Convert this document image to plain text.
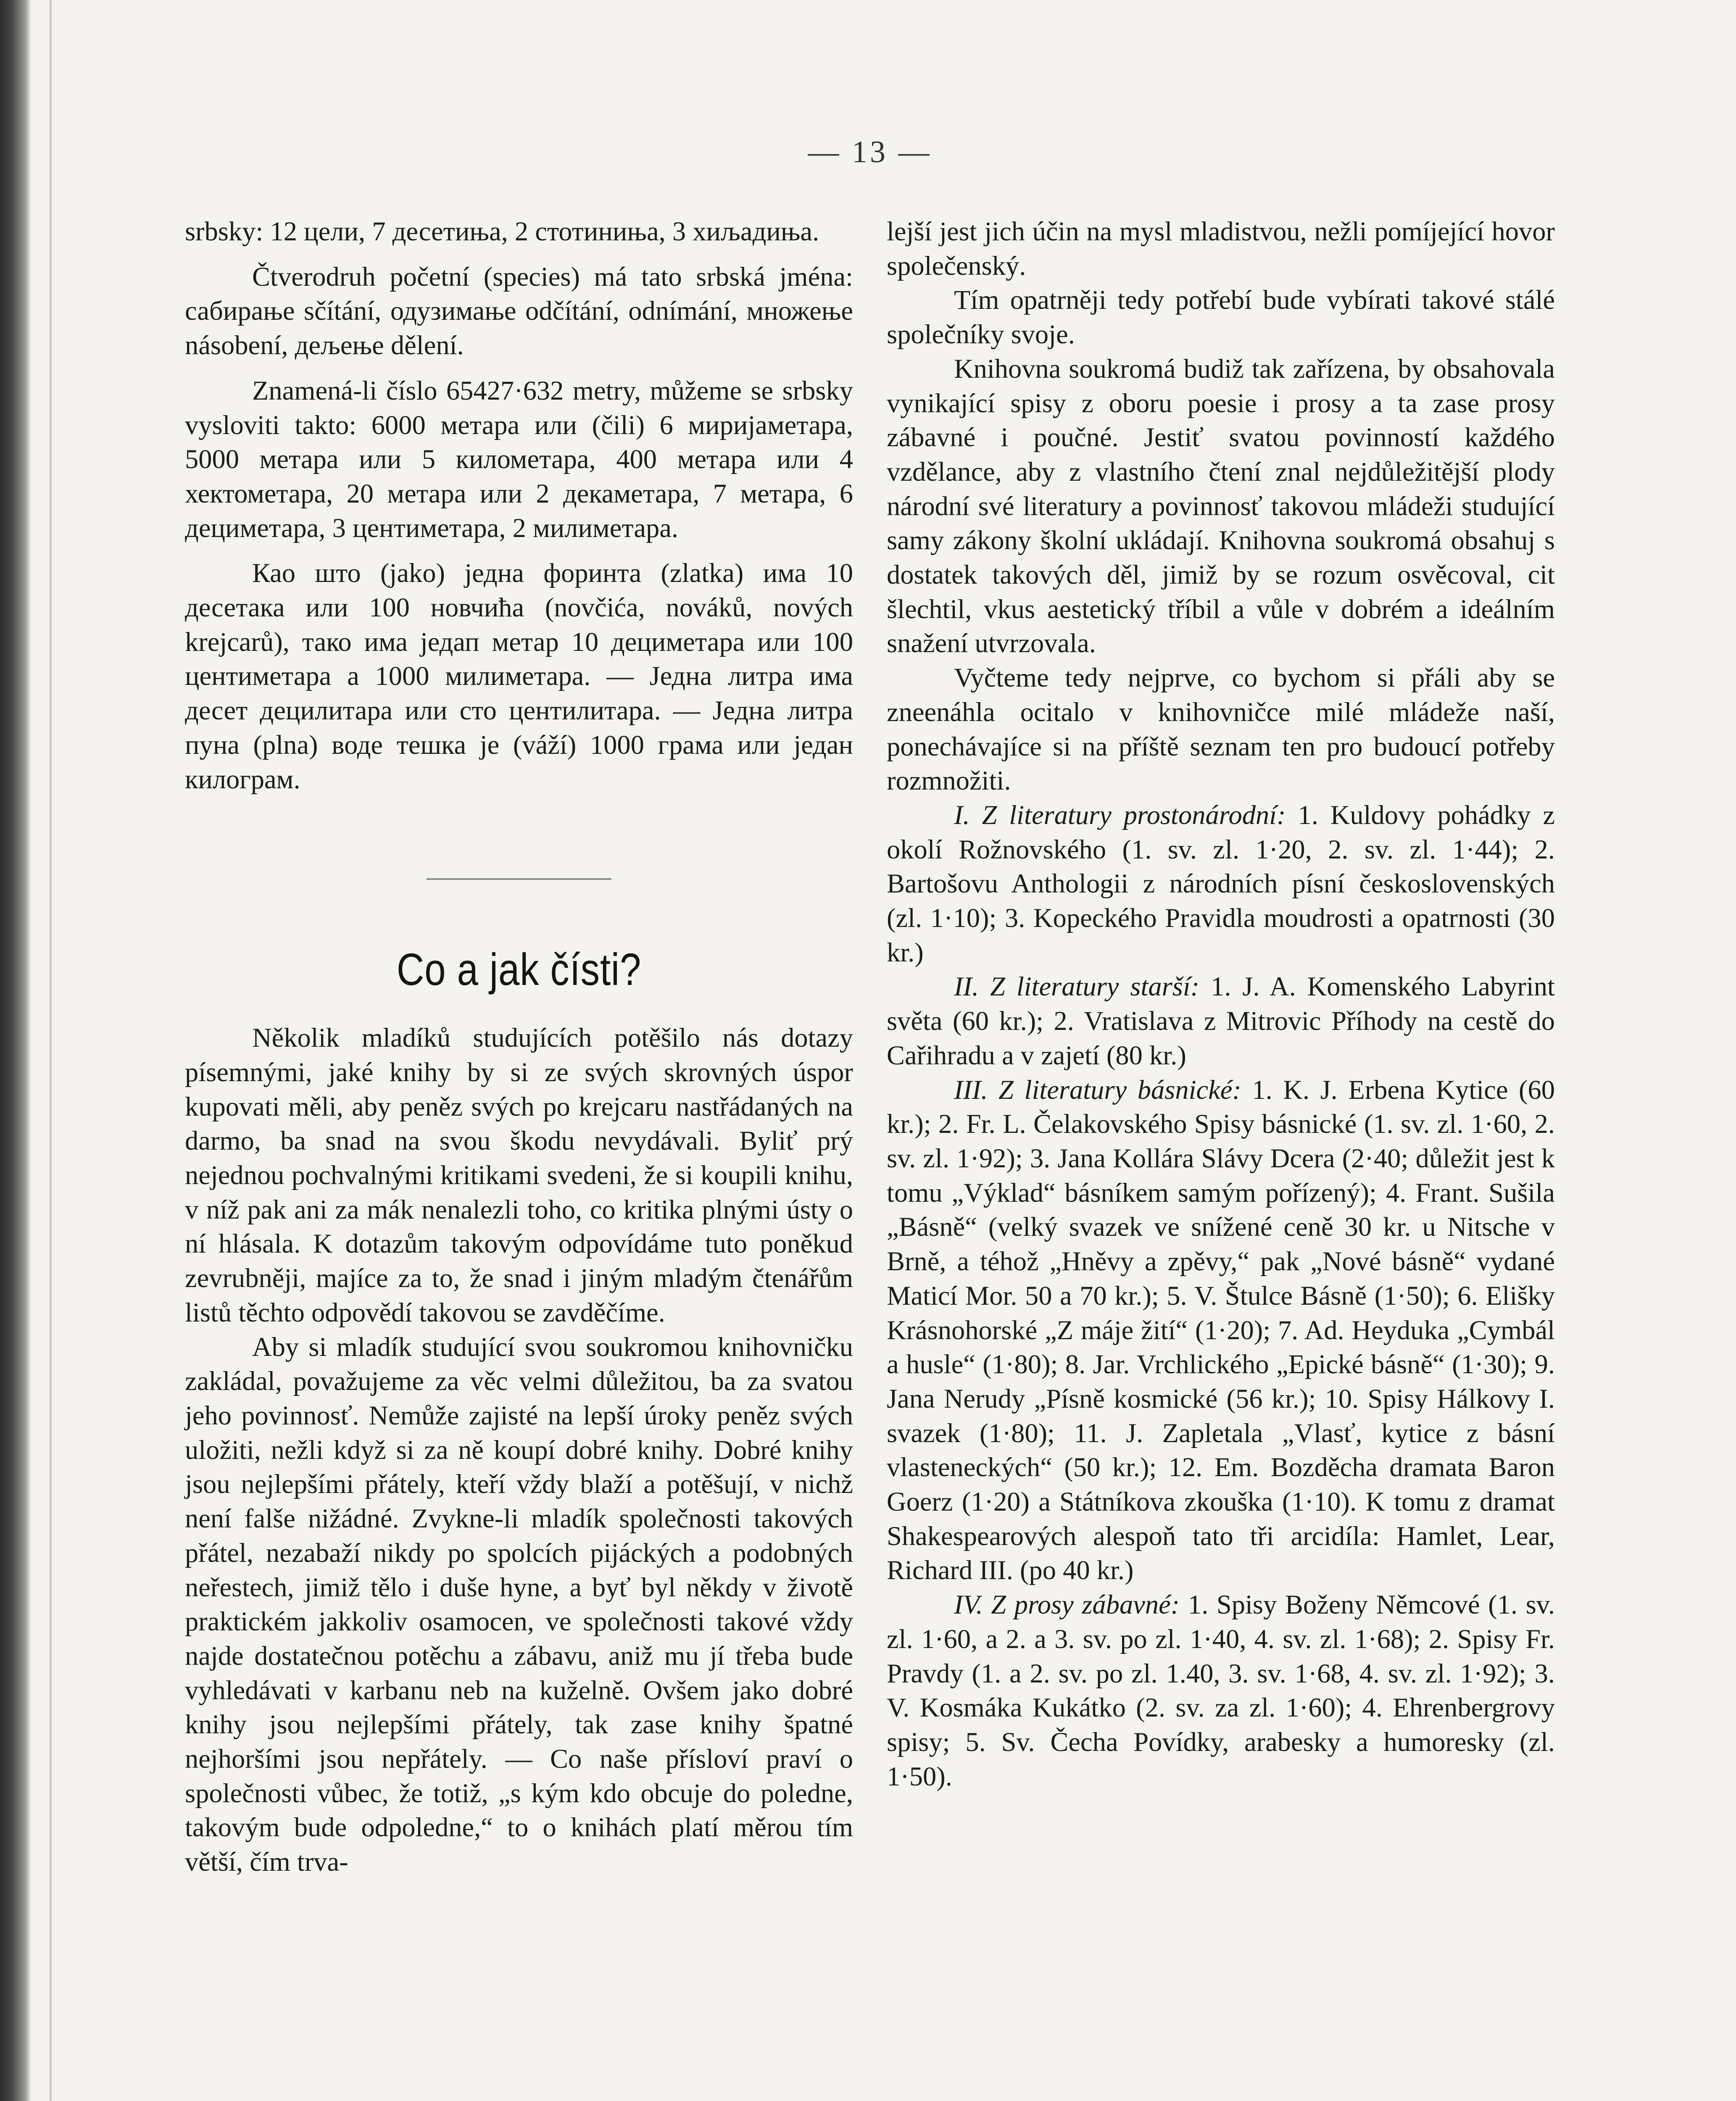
— 13 —

srbsky: 12 цели, 7 десетиња, 2 стотиниња, 3 хиљадиња.

Čtverodruh početní (species) má tato srbská jména: сабирање sčítání, одузимање odčítání, odnímání, множење násobení, дељење dělení.

Znamená-li číslo 65427·632 metry, můžeme se srbsky vysloviti takto: 6000 метара или (čili) 6 мириjаметара, 5000 метара или 5 километара, 400 метара или 4 хектометара, 20 метара или 2 декаметара, 7 метара, 6 дециметара, 3 центиметара, 2 милиметара.

Као што (jako) једна форинта (zlatka) има 10 десетака или 100 новчића (novčića, nováků, nových krejcarů), тако има једап метар 10 дециметара или 100 центиметара а 1000 милиметара. — Једна литра има десет децилитара или сто центилитара. — Једна литра пуна (plna) воде тешка је (váží) 1000 грама или један килограм.

Co a jak čísti?

Několik mladíků studujících potěšilo nás dotazy písemnými, jaké knihy by si ze svých skrovných úspor kupovati měli, aby peněz svých po krejcaru nastřádaných na darmo, ba snad na svou škodu nevydávali. Byliť prý nejednou pochvalnými kritikami svedeni, že si koupili knihu, v níž pak ani za mák nenalezli toho, co kritika plnými ústy o ní hlásala. K dotazům takovým odpovídáme tuto poněkud zevrubněji, majíce za to, že snad i jiným mladým čtenářům listů těchto odpovědí takovou se zavděčíme.

Aby si mladík studující svou soukromou knihovničku zakládal, považujeme za věc velmi důležitou, ba za svatou jeho povinnosť. Nemůže zajisté na lepší úroky peněz svých uložiti, nežli když si za ně koupí dobré knihy. Dobré knihy jsou nejlepšími přátely, kteří vždy blaží a potěšují, v nichž není falše nižádné. Zvykne-li mladík společnosti takových přátel, nezabaží nikdy po spolcích pijáckých a podobných neřestech, jimiž tělo i duše hyne, a byť byl někdy v životě praktickém jakkoliv osamocen, ve společnosti takové vždy najde dostatečnou potěchu a zábavu, aniž mu jí třeba bude vyhledávati v karbanu neb na kuželně. Ovšem jako dobré knihy jsou nejlepšími přátely, tak zase knihy špatné nejhoršími jsou nepřátely. — Co naše přísloví praví o společnosti vůbec, že totiž, „s kým kdo obcuje do poledne, takovým bude odpoledne,“ to o knihách platí měrou tím větší, čím trva-

lejší jest jich účin na mysl mladistvou, nežli pomíjející hovor společenský.

Tím opatrněji tedy potřebí bude vybírati takové stálé společníky svoje.

Knihovna soukromá budiž tak zařízena, by obsahovala vynikající spisy z oboru poesie i prosy a ta zase prosy zábavné i poučné. Jestiť svatou povinností každého vzdělance, aby z vlastního čtení znal nejdůležitější plody národní své literatury a povinnosť takovou mládeži studující samy zákony školní ukládají. Knihovna soukromá obsahuj s dostatek takových děl, jimiž by se rozum osvěcoval, cit šlechtil, vkus aestetický tříbil a vůle v dobrém a ideálním snažení utvrzovala.

Vyčteme tedy nejprve, co bychom si přáli aby se zneenáhla ocitalo v knihovničce milé mládeže naší, ponechávajíce si na příště seznam ten pro budoucí potřeby rozmnožiti.

I. Z literatury prostonárodní: 1. Kuldovy pohádky z okolí Rožnovského (1. sv. zl. 1·20, 2. sv. zl. 1·44); 2. Bartošovu Anthologii z národních písní československých (zl. 1·10); 3. Kopeckého Pravidla moudrosti a opatrnosti (30 kr.)

II. Z literatury starší: 1. J. A. Komenského Labyrint světa (60 kr.); 2. Vratislava z Mitrovic Příhody na cestě do Cařihradu a v zajetí (80 kr.)

III. Z literatury básnické: 1. K. J. Erbena Kytice (60 kr.); 2. Fr. L. Čelakovského Spisy básnické (1. sv. zl. 1·60, 2. sv. zl. 1·92); 3. Jana Kollára Slávy Dcera (2·40; důležit jest k tomu „Výklad“ básníkem samým pořízený); 4. Frant. Sušila „Básně“ (velký svazek ve snížené ceně 30 kr. u Nitsche v Brně, a téhož „Hněvy a zpěvy,“ pak „Nové básně“ vydané Maticí Mor. 50 a 70 kr.); 5. V. Štulce Básně (1·50); 6. Elišky Krásnohorské „Z máje žití“ (1·20); 7. Ad. Heyduka „Cymbál a husle“ (1·80); 8. Jar. Vrchlického „Epické básně“ (1·30); 9. Jana Nerudy „Písně kosmické (56 kr.); 10. Spisy Hálkovy I. svazek (1·80); 11. J. Zapletala „Vlasť, kytice z básní vlasteneckých“ (50 kr.); 12. Em. Bozděcha dramata Baron Goerz (1·20) a Státníkova zkouška (1·10). K tomu z dramat Shakespearových alespoň tato tři arcidíla: Hamlet, Lear, Richard III. (po 40 kr.)

IV. Z prosy zábavné: 1. Spisy Boženy Němcové (1. sv. zl. 1·60, a 2. a 3. sv. po zl. 1·40, 4. sv. zl. 1·68); 2. Spisy Fr. Pravdy (1. a 2. sv. po zl. 1.40, 3. sv. 1·68, 4. sv. zl. 1·92); 3. V. Kosmáka Kukátko (2. sv. za zl. 1·60); 4. Ehrenbergrovy spisy; 5. Sv. Čecha Povídky, arabesky a humoresky (zl. 1·50).
